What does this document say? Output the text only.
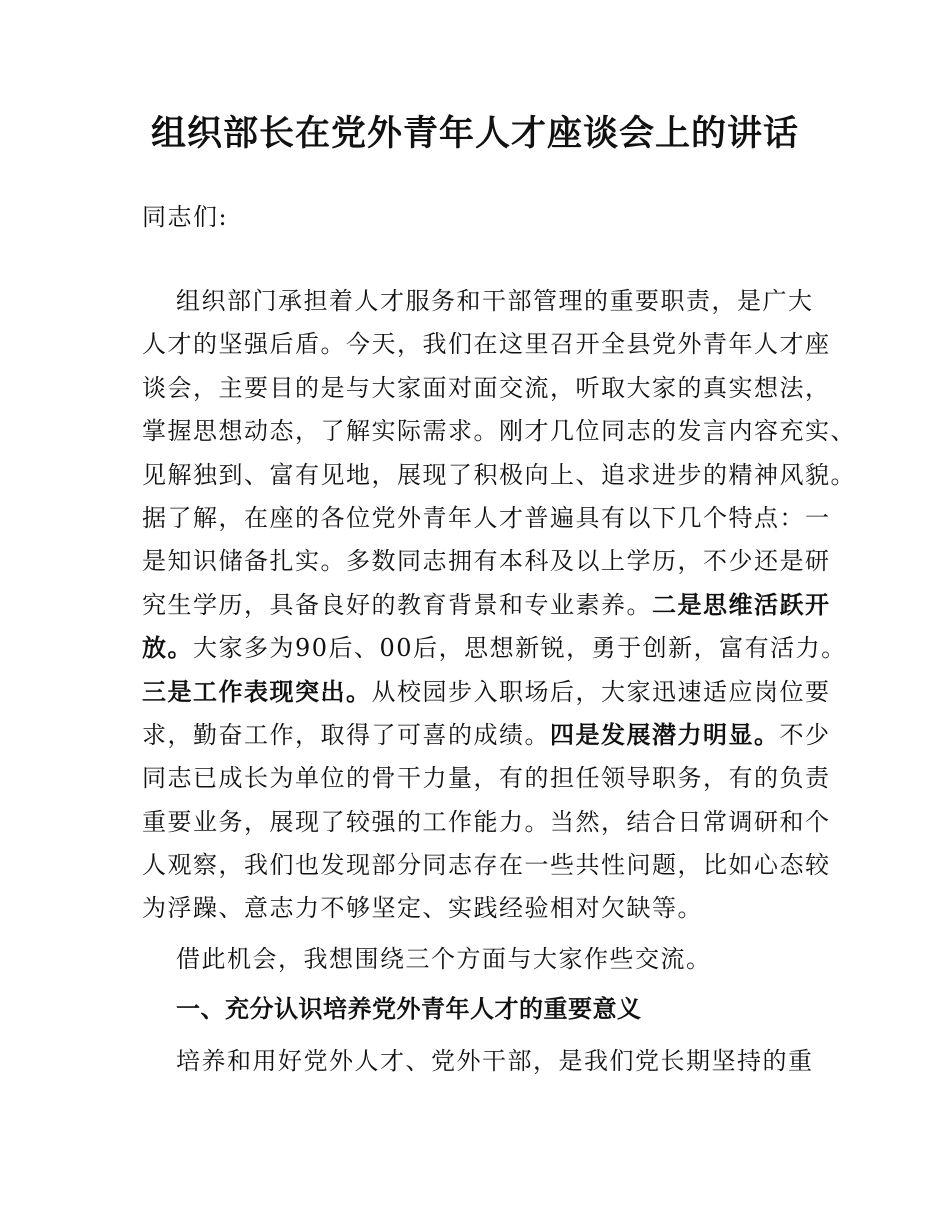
组织部长在党外青年人才座谈会上的讲话
同志们:
组织部门承担着人才服务和干部管理的重要职责，是广大
人才的坚强后盾。今天，我们在这里召开全县党外青年人才座
谈会，主要目的是与大家面对面交流，听取大家的真实想法，
掌握思想动态，了解实际需求。刚才几位同志的发言内容充实、
见解独到、富有见地，展现了积极向上、追求进步的精神风貌。
据了解，在座的各位党外青年人才普遍具有以下几个特点：一
是知识储备扎实。多数同志拥有本科及以上学历，不少还是研
究生学历，具备良好的教育背景和专业素养。二是思维活跃开
放。大家多为90后、00后，思想新锐，勇于创新，富有活力。
三是工作表现突出。从校园步入职场后，大家迅速适应岗位要
求，勤奋工作，取得了可喜的成绩。四是发展潜力明显。不少
同志已成长为单位的骨干力量，有的担任领导职务，有的负责
重要业务，展现了较强的工作能力。当然，结合日常调研和个
人观察，我们也发现部分同志存在一些共性问题，比如心态较
为浮躁、意志力不够坚定、实践经验相对欠缺等。
借此机会，我想围绕三个方面与大家作些交流。
一、充分认识培养党外青年人才的重要意义
培养和用好党外人才、党外干部，是我们党长期坚持的重
